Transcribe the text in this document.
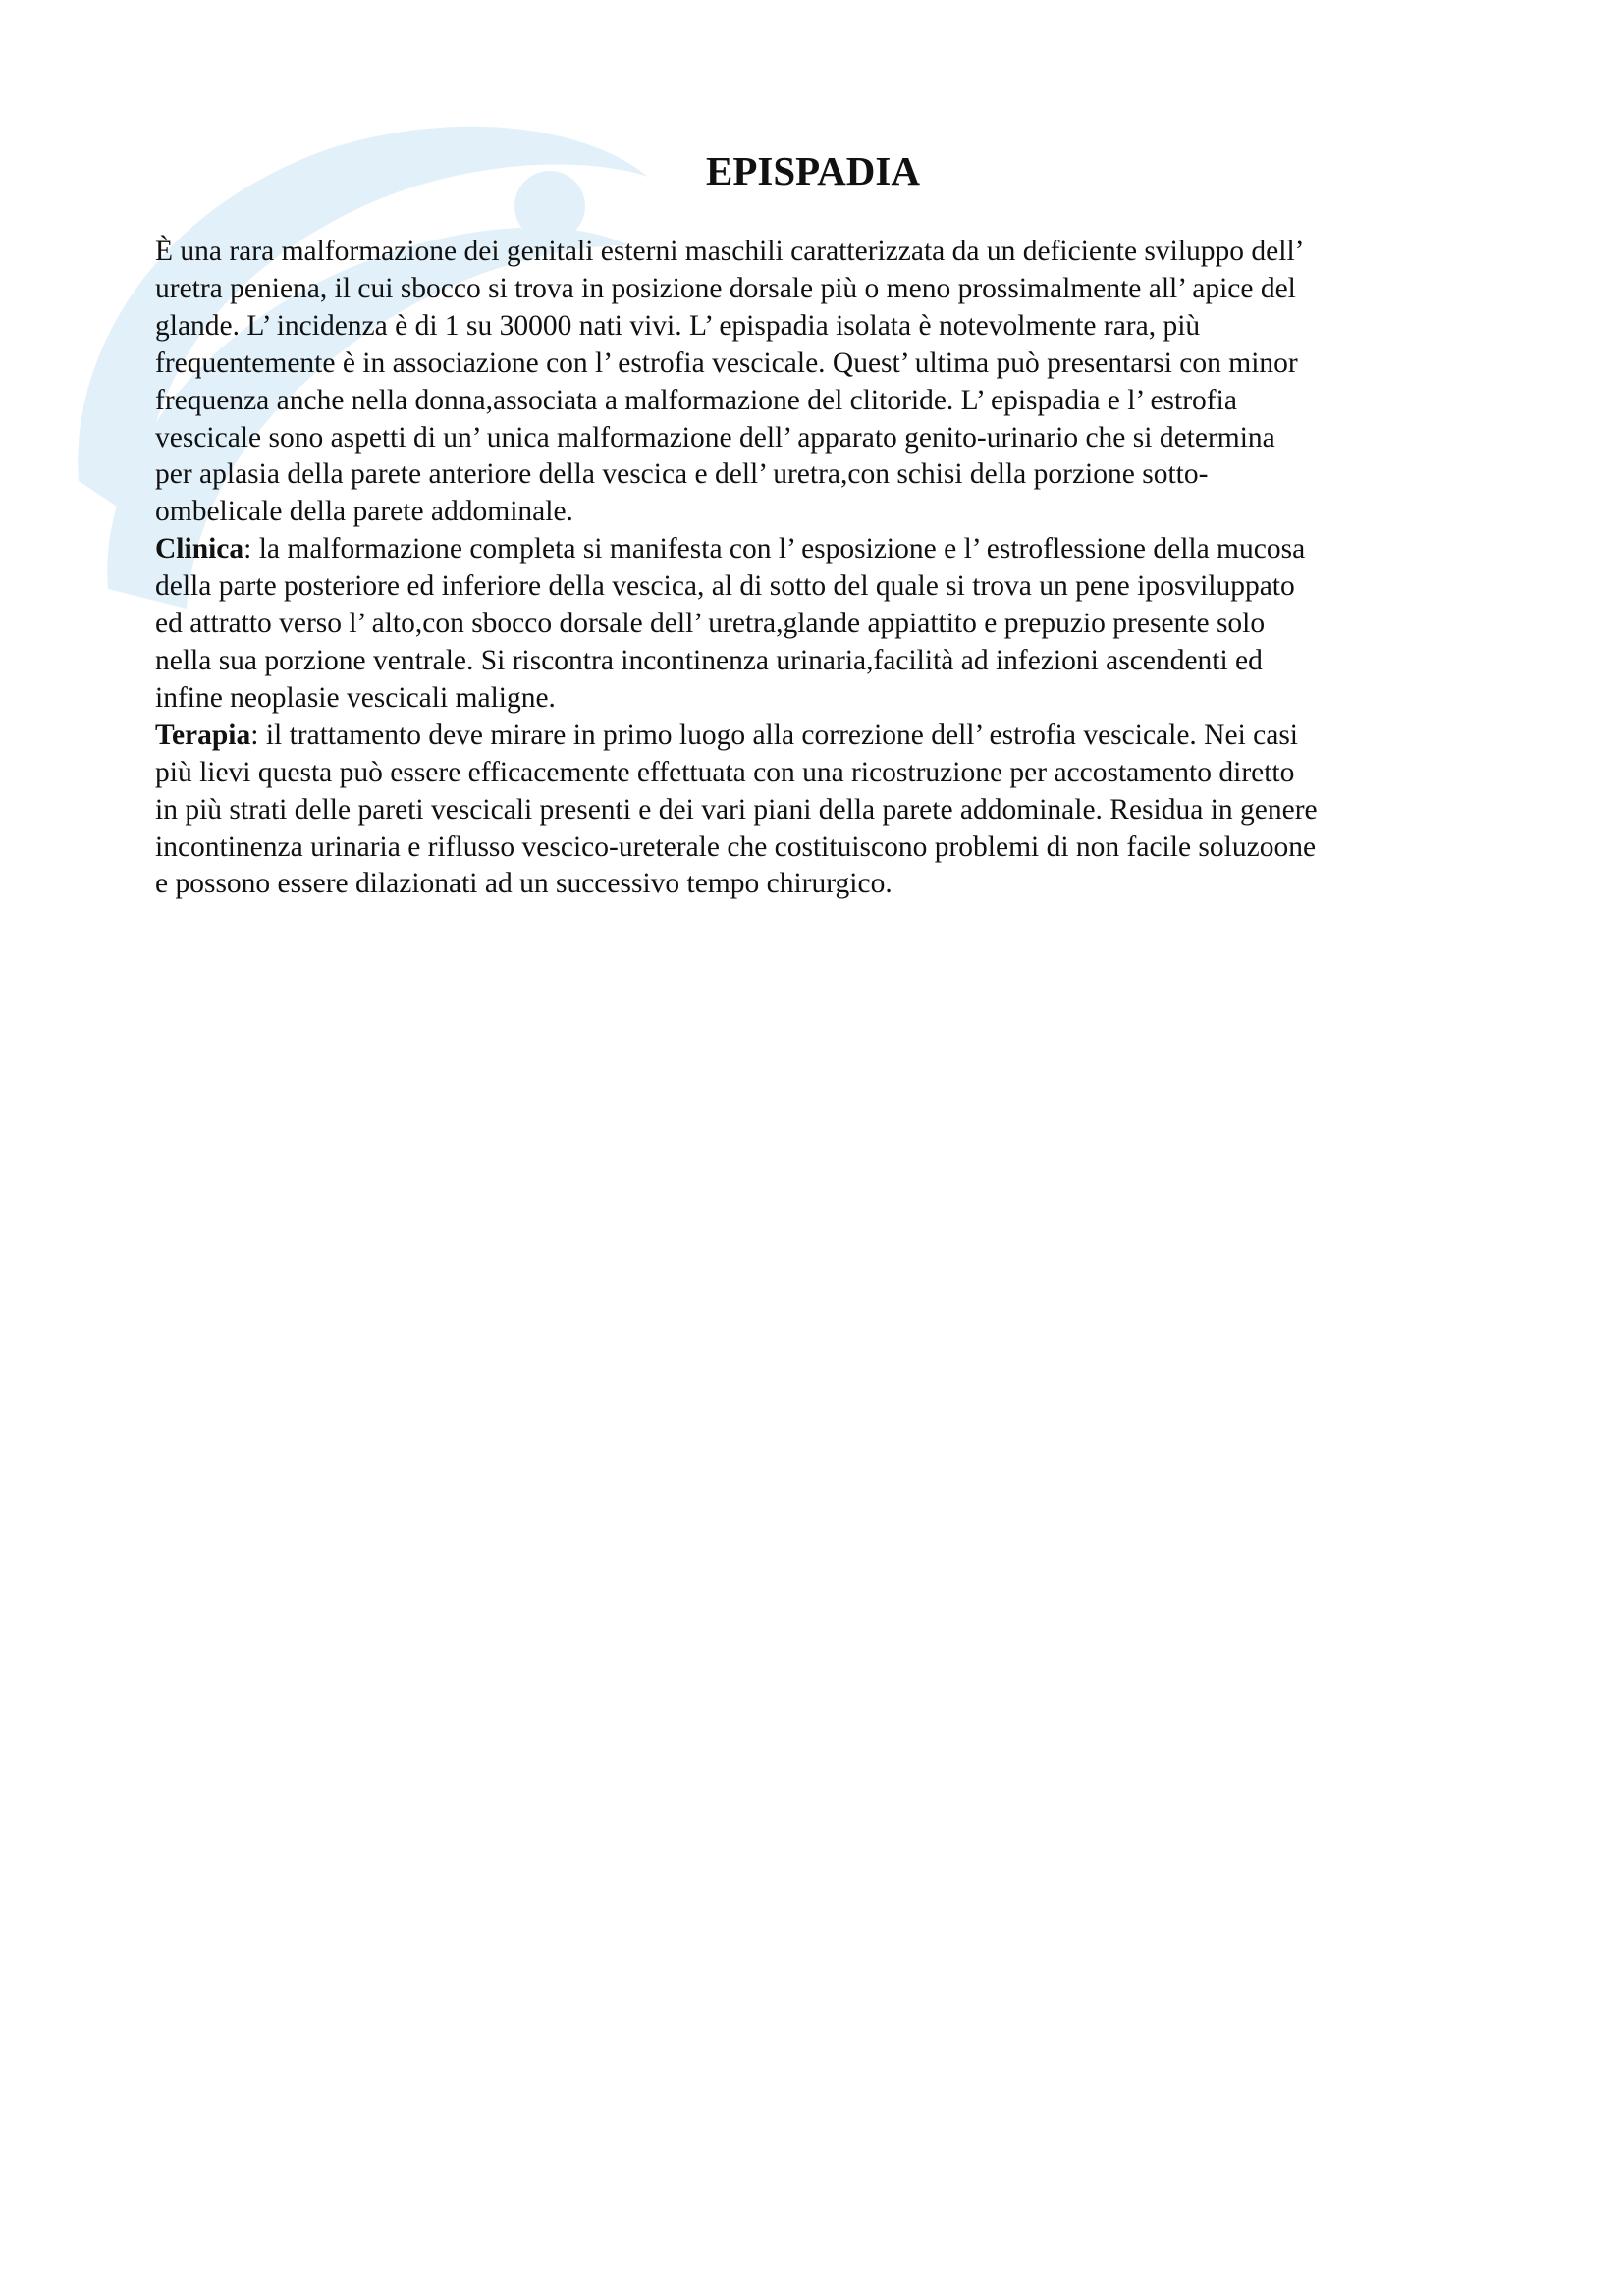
EPISPADIA
È una rara malformazione dei genitali esterni maschili caratterizzata da un deficiente sviluppo dell’
uretra peniena, il cui sbocco si trova in posizione dorsale più o meno prossimalmente all’ apice del
glande. L’ incidenza è di 1 su 30000 nati vivi. L’ epispadia isolata è notevolmente rara, più
frequentemente è in associazione con l’ estrofia vescicale. Quest’ ultima può presentarsi con minor
frequenza anche nella donna,associata a malformazione del clitoride. L’ epispadia e l’ estrofia
vescicale sono aspetti di un’ unica malformazione dell’ apparato genito-urinario che si determina
per aplasia della parete anteriore della vescica e dell’ uretra,con schisi della porzione sotto-
ombelicale della parete addominale.
Clinica: la malformazione completa si manifesta con l’ esposizione e l’ estroflessione della mucosa
della parte posteriore ed inferiore della vescica, al di sotto del quale si trova un pene iposviluppato
ed attratto verso l’ alto,con sbocco dorsale dell’ uretra,glande appiattito e prepuzio presente solo
nella sua porzione ventrale. Si riscontra incontinenza urinaria,facilità ad infezioni ascendenti ed
infine neoplasie vescicali maligne.
Terapia: il trattamento deve mirare in primo luogo alla correzione dell’ estrofia vescicale. Nei casi
più lievi questa può essere efficacemente effettuata con una ricostruzione per accostamento diretto
in più strati delle pareti vescicali presenti e dei vari piani della parete addominale. Residua in genere
incontinenza urinaria e riflusso vescico-ureterale che costituiscono problemi di non facile soluzoone
e possono essere dilazionati ad un successivo tempo chirurgico.
